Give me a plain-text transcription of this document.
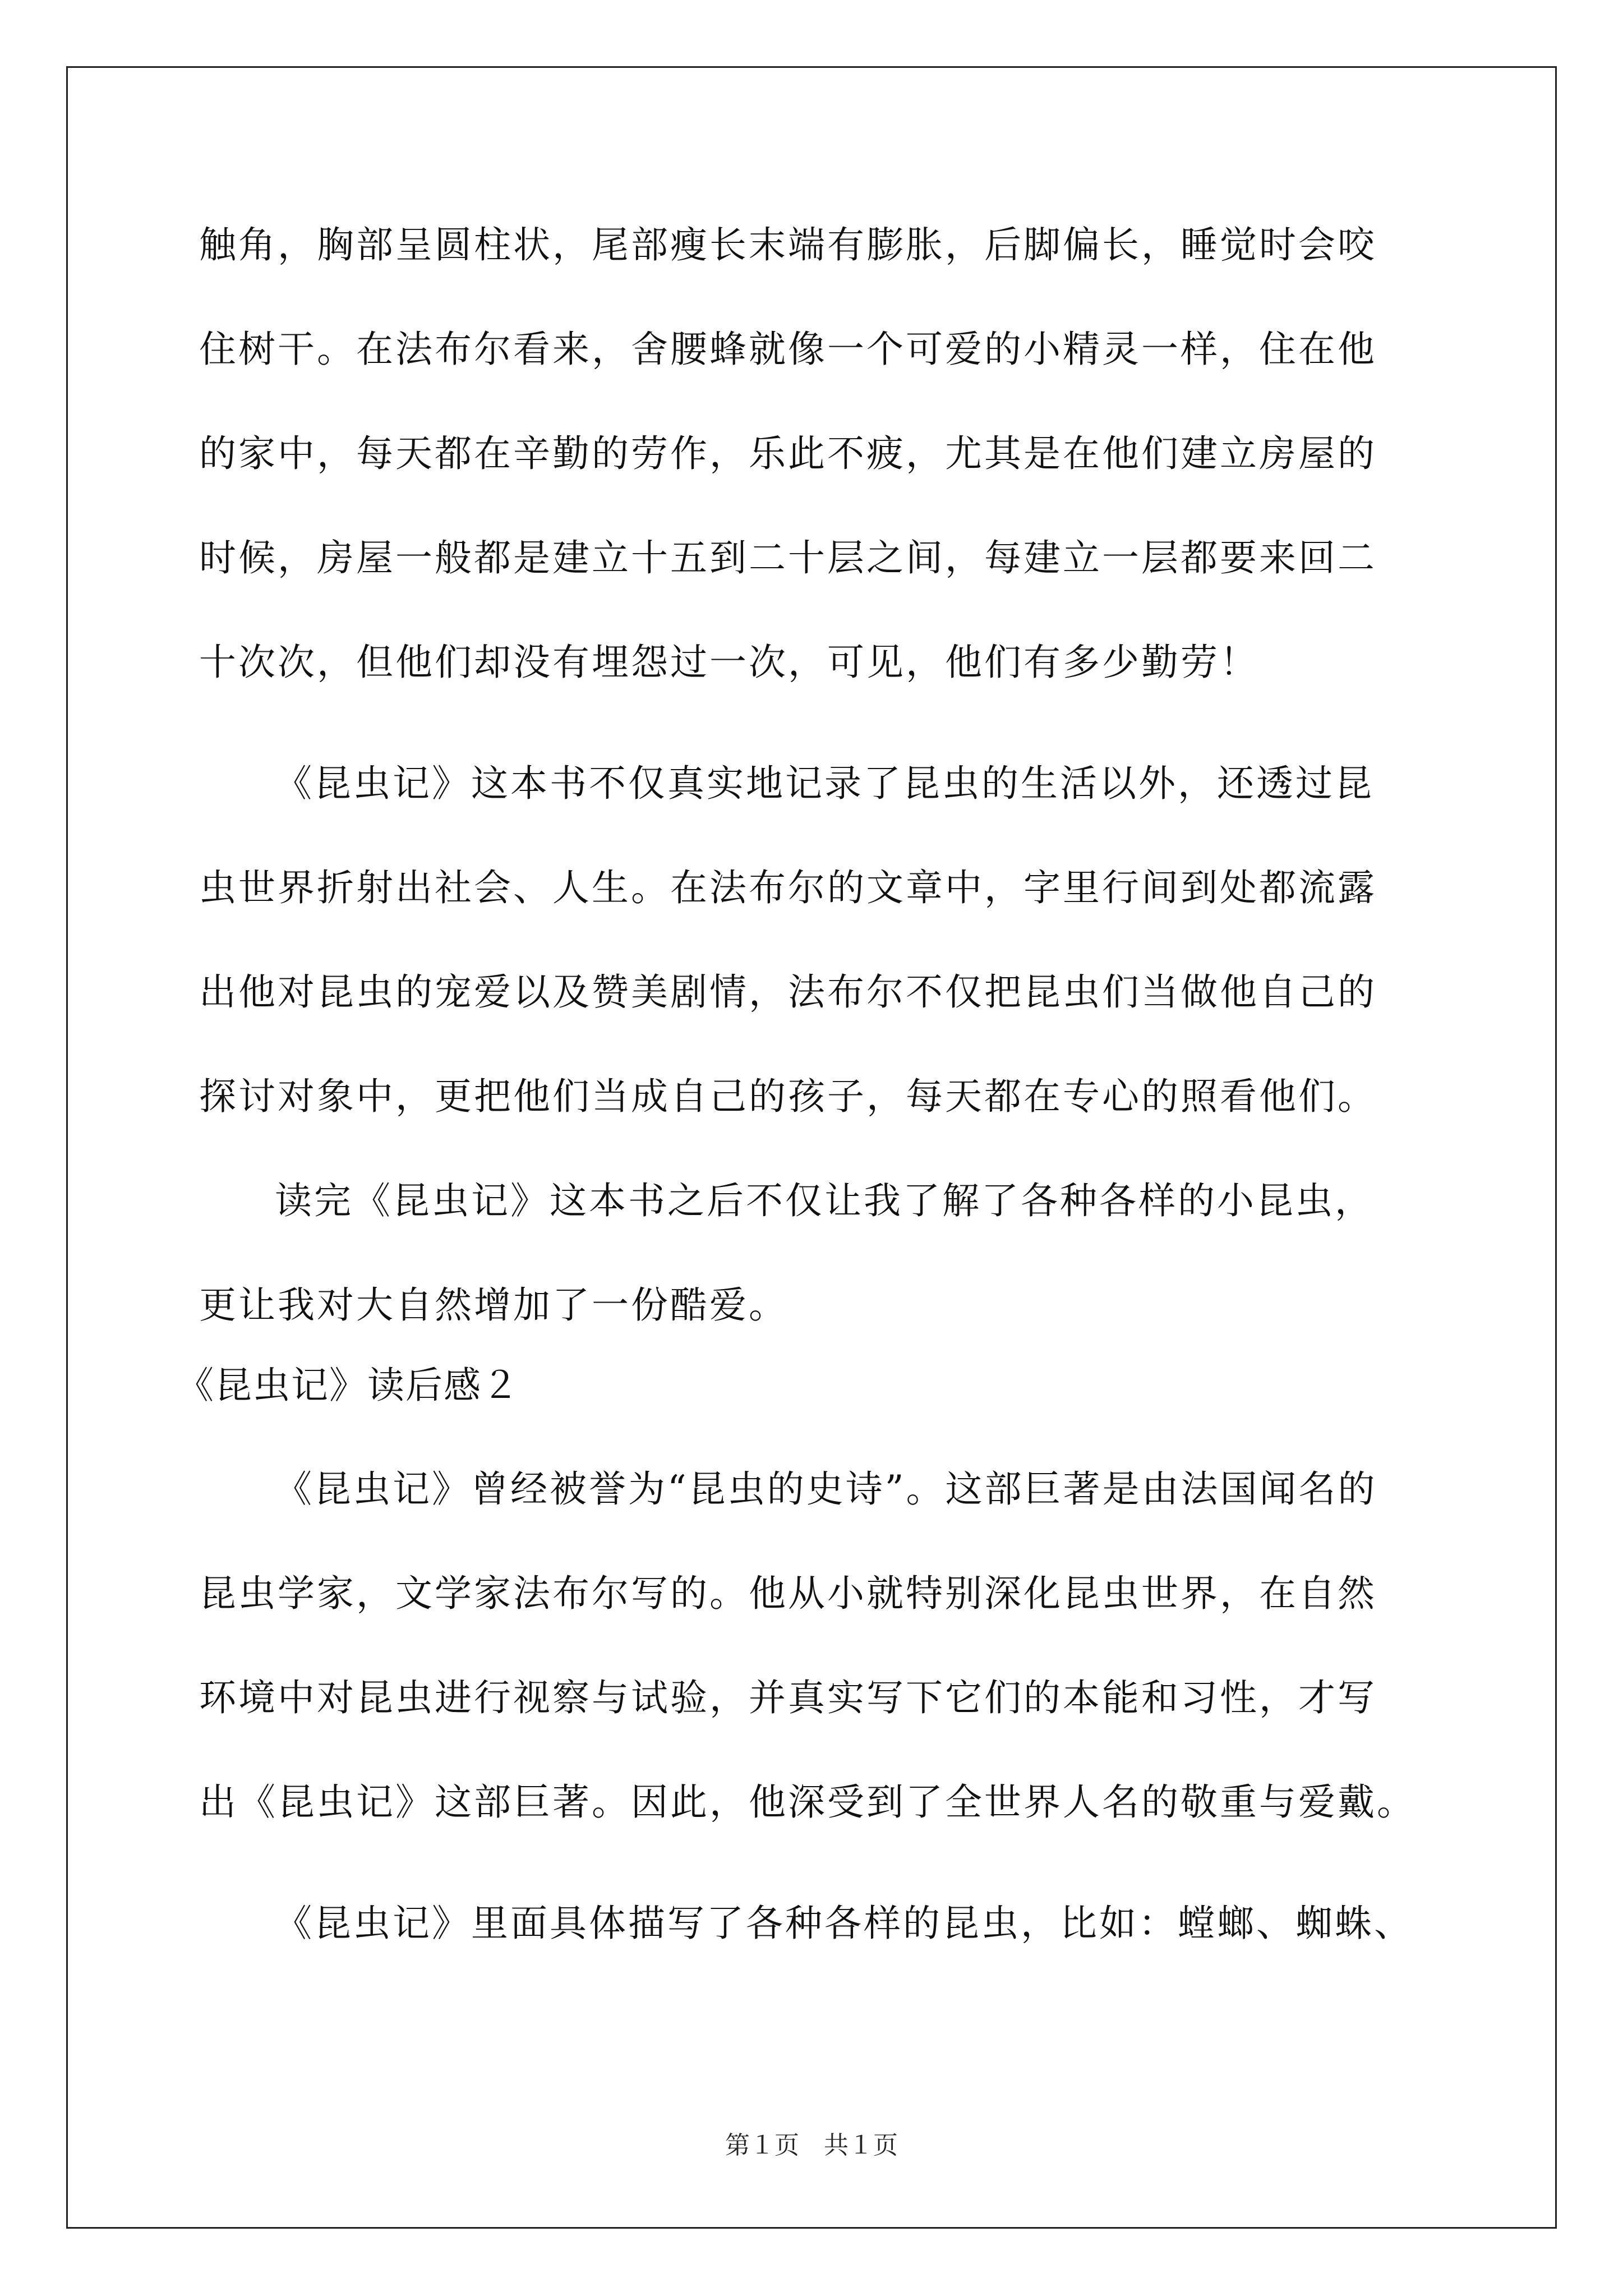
触角，胸部呈圆柱状，尾部瘦长末端有膨胀，后脚偏长，睡觉时会咬
住树干。在法布尔看来，舍腰蜂就像一个可爱的小精灵一样，住在他
的家中，每天都在辛勤的劳作，乐此不疲，尤其是在他们建立房屋的
时候，房屋一般都是建立十五到二十层之间，每建立一层都要来回二
十次次，但他们却没有埋怨过一次，可见，他们有多少勤劳！
《昆虫记》这本书不仅真实地记录了昆虫的生活以外，还透过昆
虫世界折射出社会、人生。在法布尔的文章中，字里行间到处都流露
出他对昆虫的宠爱以及赞美剧情，法布尔不仅把昆虫们当做他自己的
探讨对象中，更把他们当成自己的孩子，每天都在专心的照看他们。
读完《昆虫记》这本书之后不仅让我了解了各种各样的小昆虫，
更让我对大自然增加了一份酷爱。
《昆虫记》读后感２
《昆虫记》曾经被誉为“昆虫的史诗”。这部巨著是由法国闻名的
昆虫学家，文学家法布尔写的。他从小就特别深化昆虫世界，在自然
环境中对昆虫进行视察与试验，并真实写下它们的本能和习性，才写
出《昆虫记》这部巨著。因此，他深受到了全世界人名的敬重与爱戴。
《昆虫记》里面具体描写了各种各样的昆虫，比如：螳螂、蜘蛛、
第１页　共１页
